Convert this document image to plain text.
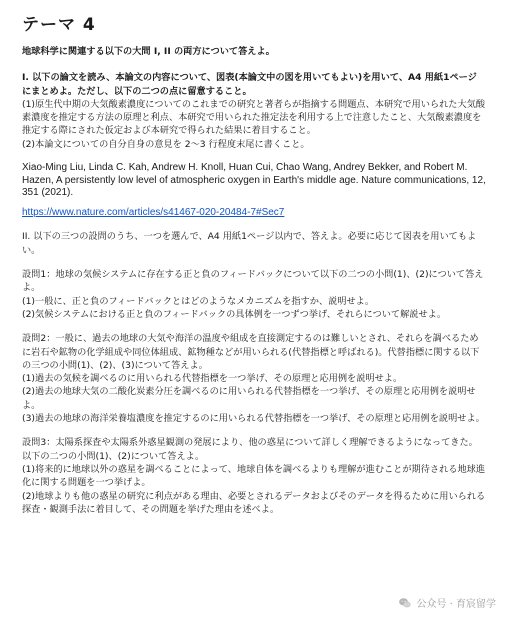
テーマ 4

地球科学に関連する以下の大問 I, II の両方について答えよ。

I. 以下の論文を読み、本論文の内容について、図表(本論文中の図を用いてもよい)を用いて、A4 用紙1ページにまとめよ。ただし、以下の二つの点に留意すること。

(1)原生代中期の大気酸素濃度についてのこれまでの研究と著者らが指摘する問題点、本研究で用いられた大気酸素濃度を推定する方法の原理と利点、本研究で用いられた推定法を利用する上で注意したこと、大気酸素濃度を推定する際にされた仮定および本研究で得られた結果に着目すること。

(2)本論文についての自分自身の意見を 2～3 行程度末尾に書くこと。

Xiao-Ming Liu, Linda C. Kah, Andrew H. Knoll, Huan Cui, Chao Wang, Andrey Bekker, and Robert M. Hazen, A persistently low level of atmospheric oxygen in Earth's middle age. Nature communications, 12, 351 (2021).

https://www.nature.com/articles/s41467-020-20484-7#Sec7

II. 以下の三つの設問のうち、一つを選んで、A4 用紙1ページ以内で、答えよ。必要に応じて図表を用いてもよい。

設問1：地球の気候システムに存在する正と負のフィードバックについて以下の二つの小問(1)、(2)について答えよ。

(1)一般に、正と負のフィードバックとはどのようなメカニズムを指すか、説明せよ。

(2)気候システムにおける正と負のフィードバックの具体例を一つずつ挙げ、それらについて解説せよ。

設問2：一般に、過去の地球の大気や海洋の温度や組成を直接測定するのは難しいとされ、それらを調べるために岩石や鉱物の化学組成や同位体組成、鉱物種などが用いられる(代替指標と呼ばれる)。代替指標に関する以下の三つの小問(1)、(2)、(3)について答えよ。

(1)過去の気候を調べるのに用いられる代替指標を一つ挙げ、その原理と応用例を説明せよ。

(2)過去の地球大気の二酸化炭素分圧を調べるのに用いられる代替指標を一つ挙げ、その原理と応用例を説明せよ。

(3)過去の地球の海洋栄養塩濃度を推定するのに用いられる代替指標を一つ挙げ、その原理と応用例を説明せよ。

設問3：太陽系探査や太陽系外惑星観測の発展により、他の惑星について詳しく理解できるようになってきた。以下の二つの小問(1)、(2)について答えよ。

(1)将来的に地球以外の惑星を調べることによって、地球自体を調べるよりも理解が進むことが期待される地球進化に関する問題を一つ挙げよ。

(2)地球よりも他の惑星の研究に利点がある理由、必要とされるデータおよびそのデータを得るために用いられる探査・観測手法に着目して、その問題を挙げた理由を述べよ。

公众号 · 育宸留学
